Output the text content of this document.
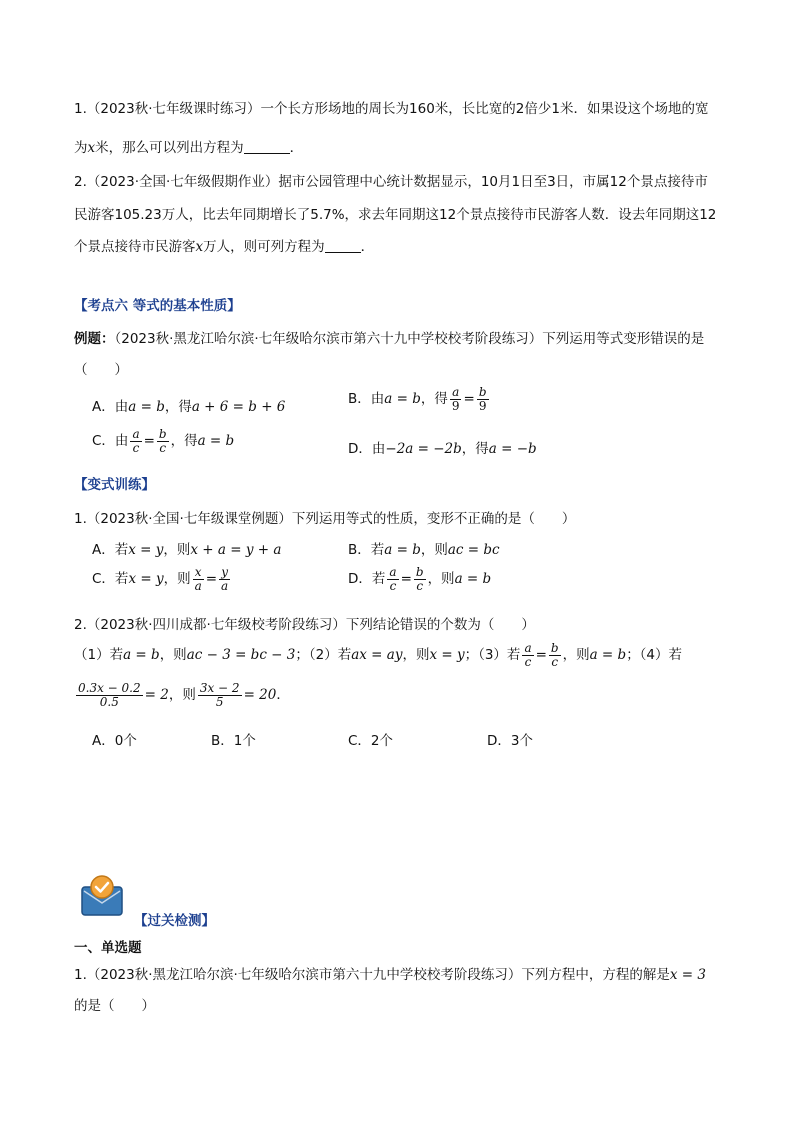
1.（2023秋·七年级课时练习）一个长方形场地的周长为160米，长比宽的2倍少1米．如果设这个场地的宽
为x米，那么可以列出方程为	．
2.（2023·全国·七年级假期作业）据市公园管理中心统计数据显示，10月1日至3日，市属12个景点接待市
民游客105.23万人，比去年同期增长了5.7%，求去年同期这12个景点接待市民游客人数．设去年同期这12
个景点接待市民游客x万人，则可列方程为	．
【考点六 等式的基本性质】
例题：（2023秋·黑龙江哈尔滨·七年级哈尔滨市第六十九中学校校考阶段练习）下列运用等式变形错误的是
（　　）
A．由a = b，得a + 6 = b + 6	B．由a = b，得 $\frac{a}{9} = \frac{b}{9}$
C．由 $\frac{a}{c} = \frac{b}{c}$ ，得a = b	D．由−2a = −2b，得a = −b
【变式训练】
1.（2023秋·全国·七年级课堂例题）下列运用等式的性质，变形不正确的是（　　）
A．若x = y，则x + a = y + a	B．若a = b，则ac = bc
C．若x = y，则 $\frac{x}{a} = \frac{y}{a}$	D．若 $\frac{a}{c} = \frac{b}{c}$ ，则a = b
2.（2023秋·四川成都·七年级校考阶段练习）下列结论错误的个数为（　　）
（1）若a = b，则ac − 3 = bc − 3；（2）若ax = ay，则x = y；（3）若 $\frac{a}{c} = \frac{b}{c}$ ，则a = b；（4）若
$\frac{0.3x - 0.2}{0.5} = 2$，则 $\frac{3x - 2}{5} = 20$．
A．0个	B．1个	C．2个	D．3个
【过关检测】
一、单选题
1.（2023秋·黑龙江哈尔滨·七年级哈尔滨市第六十九中学校校考阶段练习）下列方程中，方程的解是x = 3
的是（　　）
